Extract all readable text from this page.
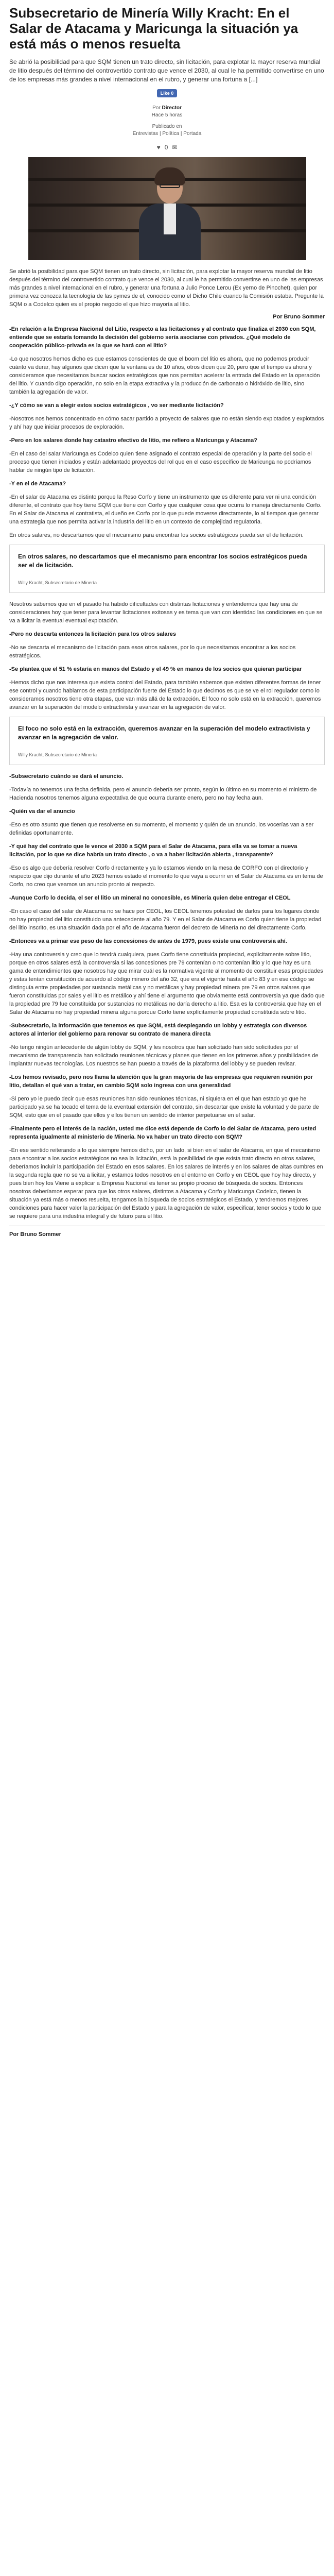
Subsecretario de Minería Willy Kracht: En el Salar de Atacama y Maricunga la situación ya está más o menos resuelta

Se abrió la posibilidad para que SQM tienen un trato directo, sin licitación, para explotar la mayor reserva mundial de litio después del término del controvertido contrato que vence el 2030, al cual le ha permitido convertirse en uno de los empresas más grandes a nivel internacional en el rubro, y generar una fortuna a [...]

Like 0
Por Director
Hace 5 horas
Publicado en
Entrevistas | Política | Portada
♥ 0 ✉

Se abrió la posibilidad para que SQM tienen un trato directo, sin licitación, para explotar la mayor reserva mundial de litio después del término del controvertido contrato que vence el 2030, al cual le ha permitido convertirse en uno de las empresas más grandes a nivel internacional en el rubro, y generar una fortuna a Julio Ponce Lerou (Ex yerno de Pinochet), quien por primera vez conozca la tecnología de las pymes de el, conocido como el Dicho Chile cuando la Comisión estaba. Pregunte la SQM o a Codelco quien es el propio negocio el que hizo mayoría al litio.

Por Bruno Sommer

-En relación a la Empresa Nacional del Litio, respecto a las licitaciones y al contrato que finaliza el 2030 con SQM, entiende que se estaría tomando la decisión del gobierno sería asociarse con privados. ¿Qué modelo de cooperación público-privada es la que se hará con el litio?

-Lo que nosotros hemos dicho es que estamos conscientes de que el boom del litio es ahora, que no podemos producir cuánto va durar, hay algunos que dicen que la ventana es de 10 años, otros dicen que 20, pero que el tiempo es ahora y consideramos que necesitamos buscar socios estratégicos que nos permitan acelerar la entrada del Estado en la operación del litio. Y cuando digo operación, no solo en la etapa extractiva y la producción de carbonato o hidróxido de litio, sino también la agregación de valor.

-¿Y cómo se van a elegir estos socios estratégicos , vo ser mediante licitación?

-Nosotros nos hemos concentrado en cómo sacar partido a proyecto de salares que no están siendo explotados y explotados y ahí hay que iniciar procesos de exploración.

-Pero en los salares donde hay catastro efectivo de litio, me refiero a Maricunga y Atacama?

-En el caso del salar Maricunga es Codelco quien tiene asignado el contrato especial de operación y la parte del socio el proceso que tienen iniciados y están adelantado proyectos del rol que en el caso específico de Maricunga no podríamos hablar de ningún tipo de licitación.

-Y en el de Atacama?

-En el salar de Atacama es distinto porque la Reso Corfo y tiene un instrumento que es diferente para ver ni una condición diferente, el contrato que hoy tiene SQM que tiene con Corfo y que cualquier cosa que ocurra lo maneja directamente Corfo. En el Salar de Atacama el contratista, el dueño es Corfo por lo que puede moverse directamente, lo al tiempos que generar una estrategia que nos permita activar la industria del litio en un contexto de complejidad regulatoria.

En otros salares, no descartamos que el mecanismo para encontrar los socios estratégicos pueda ser el de licitación.

En otros salares, no descartamos que el mecanismo para encontrar los socios estratégicos pueda ser el de licitación.

Willy Kracht, Subsecretario de Minería

Nosotros sabemos que en el pasado ha habido dificultades con distintas licitaciones y entendemos que hay una de consideraciones hoy que tener para levantar licitaciones exitosas y es tema que van con identidad las condiciones en que se va a licitar la eventual eventual explotación.

-Pero no descarta entonces la licitación para los otros salares

-No se descarta el mecanismo de licitación para esos otros salares, por lo que necesitamos encontrar a los socios estratégicos.

-Se plantea que el 51 % estaría en manos del Estado y el 49 % en manos de los socios que quieran participar

-Hemos dicho que nos interesa que exista control del Estado, para también sabemos que existen diferentes formas de tener ese control y cuando hablamos de esta participación fuerte del Estado lo que decimos es que se ve el rol regulador como lo consideramos nosotros tiene otra etapas, que van más allá de la extracción. El foco no solo está en la extracción, queremos avanzar en la superación del modelo extractivista y avanzar en la agregación de valor.

El foco no solo está en la extracción, queremos avanzar en la superación del modelo extractivista y avanzar en la agregación de valor.

Willy Kracht, Subsecretario de Minería

-Subsecretario cuándo se dará el anuncio.

-Todavía no tenemos una fecha definida, pero el anuncio debería ser pronto, según lo último en su momento el ministro de Hacienda nosotros tenemos alguna expectativa de que ocurra durante enero, pero no hay fecha aun.

-Quién va dar el anuncio

-Eso es otro asunto que tienen que resolverse en su momento, el momento y quién de un anuncio, los vocerías van a ser definidas oportunamente.

-Y qué hay del contrato que le vence el 2030 a SQM para el Salar de Atacama, para ella va se tomar a nueva licitación, por lo que se dice habría un trato directo , o va a haber licitación abierta , transparente?

-Eso es algo que debería resolver Corfo directamente y ya lo estamos viendo en la mesa de CORFO con el directorio y respecto que dijo durante el año 2023 hemos estado el momento lo que vaya a ocurrir en el Salar de Atacama es en tema de Corfo, no creo que veamos un anuncio pronto al respecto.

-Aunque Corfo lo decida, el ser el litio un mineral no concesible, es Minería quien debe entregar el CEOL

-En caso el caso del salar de Atacama no se hace por CEOL, los CEOL tenemos potestad de darlos para los lugares donde no hay propiedad del litio constituido una antecedente al año 79. Y en el Salar de Atacama es Corfo quien tiene la propiedad del litio inscrito, es una situación dada por el año de Atacama fueron del decreto de Minería no del directamente Corfo.

-Entonces va a primar ese peso de las concesiones de antes de 1979, pues existe una controversia ahí.

-Hay una controversia y creo que lo tendrá cualquiera, pues Corfo tiene constituida propiedad, explícitamente sobre litio, porque en otros salares está la controversia si las concesiones pre 79 contenían o no contenían litio y lo que hay es una gama de entendimientos que nosotros hay que mirar cuál es la normativa vigente al momento de constituir esas propiedades y estas tenían constitución de acuerdo al código minero del año 32, que era el vigente hasta el año 83 y en ese código se distinguía entre propiedades por sustancia metálicas y no metálicas y hay propiedad minera pre 79 en otros salares que fueron constituidas por sales y el litio es metálico y ahí tiene el argumento que obviamente está controversia ya que dado que la propiedad pre 79 fue constituida por sustancias no metálicas no daría derecho a litio. Esa es la controversia que hay en el Salar de Atacama no hay propiedad minera alguna porque Corfo tiene explícitamente propiedad constituida sobre litio.

-Subsecretario, la información que tenemos es que SQM, está desplegando un lobby y estrategia con diversos actores al interior del gobierno para renovar su contrato de manera directa

-No tengo ningún antecedente de algún lobby de SQM, y les nosotros que han solicitado han sido solicitudes por el mecanismo de transparencia han solicitado reuniones técnicas y planes que tienen en los primeros años y posibilidades de implantar nuevas tecnologías. Los nuestros se han puesto a través de la plataforma del lobby y se pueden revisar.

-Los hemos revisado, pero nos llama la atención que la gran mayoría de las empresas que requieren reunión por litio, detallan el qué van a tratar, en cambio SQM solo ingresa con una generalidad

-Si pero yo le puedo decir que esas reuniones han sido reuniones técnicas, ni siquiera en el que han estado yo que he participado ya se ha tocado el tema de la eventual extensión del contrato, sin descartar que existe la voluntad y de parte de SQM, esto que en el pasado que ellos y ellos tienen un sentido de interior perpetuarse en el salar.

-Finalmente pero el interés de la nación, usted me dice está depende de Corfo lo del Salar de Atacama, pero usted representa igualmente al ministerio de Minería. No va haber un trato directo con SQM?

-En ese sentido reiterando a lo que siempre hemos dicho, por un lado, si bien en el salar de Atacama, en que el mecanismo para encontrar a los socios estratégicos no sea la licitación, está la posibilidad de que exista trato directo en otros salares, deberíamos incluir la participación del Estado en esos salares. En los salares de interés y en los salares de altas cumbres en la segunda regla que no se va a licitar, y estamos todos nosotros en el entorno en Corfo y en CEOL que hoy hay directo, y pues bien hoy los Viene a explicar a Empresa Nacional es tener su propio proceso de búsqueda de socios. Entonces nosotros deberíamos esperar para que los otros salares, distintos a Atacama y Corfo y Maricunga Codelco, tienen la situación ya está más o menos resuelta, tengamos la búsqueda de socios estratégicos el Estado, y tendremos mejores condiciones para hacer valer la participación del Estado y para la agregación de valor, especificar, tener socios y todo lo que se requiere para una industria integral y de futuro para el litio.

Por Bruno Sommer
